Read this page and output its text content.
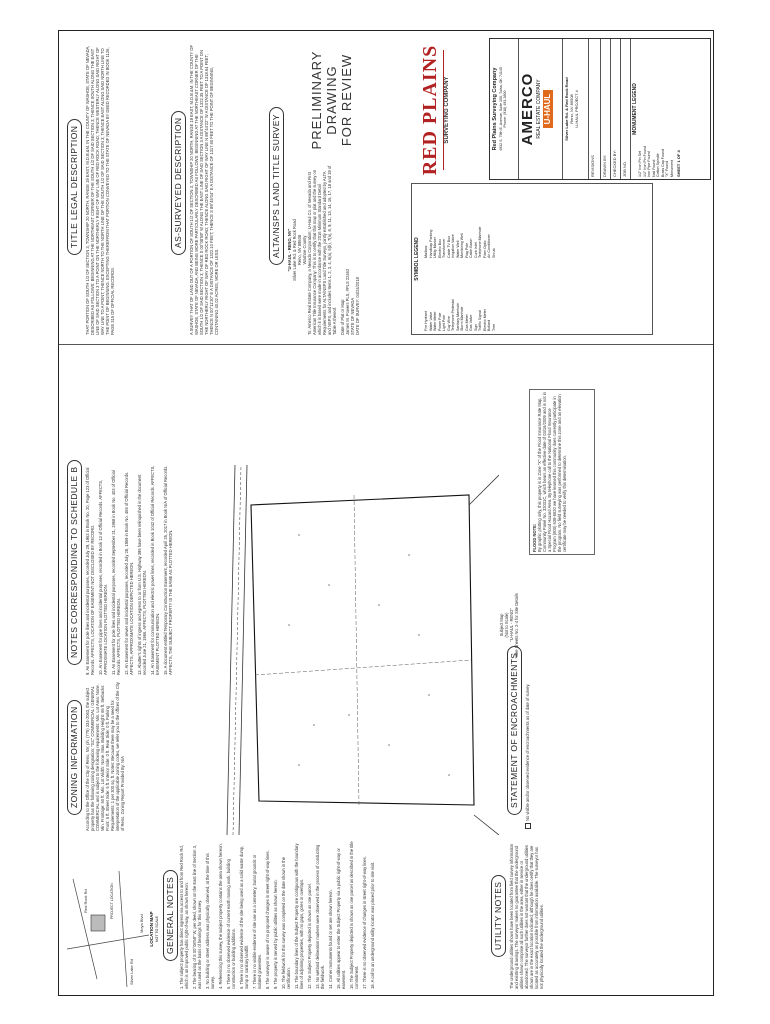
Red Rock Rd
Silver Lake Rd
Moya Blvd
PROJECT LOCATION
LOCATION MAP NOT TO SCALE GENERAL NOTES 1. The subject property has direct ingress via access to and from Red Rock Rd, which is an improved public right-of-way, as shown hereon. 2. The bearing of S 00°08'59" W, per deed, shown on the East line of Section 3, was used as the basis of bearings for this survey. 3. No building or street address was physically observed, at the time of this survey. 4. Referencing this survey, the subject property contains the area shown hereon. 5. There is no observed evidence of current earth moving work, building construction or building additions. 6. There is no observed evidence of the site being used as a solid waste dump, sump or sanitary landfill. 7. There is no visible evidence of site use as a cemetery, burial grounds or isolated gravesites. 8. The surveyor is aware of no proposed changes in street right-of-way lines. 9. The property is served by public utilities as shown hereon. 10. The fieldwork for this survey was completed on the date shown in the certification. 11. The boundary lines of the Subject Property are contiguous with the boundary lines of adjoining properties, with no gaps, gores or overlaps. 12. The Subject Property depicted is shown as one parcel. 13. No wetland delineation markers were observed in the process of conducting the fieldwork. 14. Corner monuments found or set are shown hereon. 15. All utilities appear to enter the Subject Property via a public right-of-way or easement. 16. The Subject Property depicted is shown as one parcel as described in the title commitment. 17. There is no observed evidence of changes in street right-of-way lines. 18. A call to an underground utility locator was placed prior to site visit.	UTILITY NOTES	The underground utilities shown have been located from field survey information and existing drawings. The surveyor makes no guarantee that the underground utilities shown comprise all such utilities in the area, either in service or abandoned. The surveyor further does not warrant that the underground utilities shown are in the exact location indicated, although he does certify that they are located as accurately as possible from information available. The surveyor has not physically located the underground utilities.
ZONING INFORMATION	According to the Office of the City of Reno, NV, ph. (775) 334-2063, the subject property has the following zoning designation: "GC" COMMERCIAL / GENERAL COMMERCIAL and is subject to the following requirements: Min. Lot Area: None. Min. Frontage: 50 ft. Min. Lot Width: None. Max. Building Height: 65 ft. Setbacks: Front: 5 ft. Street Side: 5 ft. Interior Side: 0 ft. Rear Side: 0 ft. Parking Requirements: 1 per 300 sq. ft. Notes: Because there may be a need for interpretation of the applicable zoning codes, we refer you to the offices of the City of Reno. Zoning Report Provided By: N/A	STATEMENT OF ENCROACHMENTS	No visible and/or observed evidence of encroachments as of date of survey.
Subject Map (Not to Scale) "U-HAUL - RENO" See Sheets No. 2-4 for Site Details
NOTES CORRESPONDING TO SCHEDULE B	9. An Easement for pole lines and incidental purposes, recorded July 29, 1963 in Book No. 20, Page 123 of Official Records. AFFECTS, LOCATION OF EASEMENT NOT DISCLOSED BY RECORD. 10. An Easement for pipe lines and incidental purposes, recorded in Book 13 of Official Records. AFFECTS, APPROXIMATE LOCATION PLOTTED HEREON. 11. An Easement for pole lines and incidental purposes, recorded September 21, 1968 in Book No. 403 of Official Records. AFFECTS, PLOTTED HEREON. 12. An Easement for sewer and incidental purposes, recorded July 28, 1959 in Book No. 465 of Official Records. AFFECTS, APPROXIMATE LOCATION DEPICTED HEREON. 13. Abutter's rights of ingress and egress to or from U.S. Highway 395 have been relinquished in the document recorded June 21, 1966. AFFECTS, PLOTTED HEREON. 14. An Easement for communication and electric power lines, recorded in Book 1042 of Official Records. AFFECTS, EASEMENT PLOTTED HEREON. 15. A document entitled Temporary Construction Easement, recorded April 25, 2017 in Book N/A of Official Records. AFFECTS, THE SUBJECT PROPERTY IS THE SAME AS PLOTTED HEREON.	FLOOD NOTE: By graphic plotting only, this property is in Zone "X" of the Flood Insurance Rate Map, Community Panel No. 32031C, which bears an effective date of 03/16/2009 and is not in a Special Flood Hazard Area. By telephone call to the National Flood Insurance Program (800) 638-6620 we have learned this community does currently participate in the program. No field surveying was performed to determine this zone and an elevation certificate may be needed to verify this determination.
TITLE LEGAL DESCRIPTION	THAT PORTION OF SOUTH 1/2 OF SECTION 3, TOWNSHIP 20 NORTH, RANGE 19 EAST, M.D.B.&M. IN THE COUNTY OF WASHOE, STATE OF NEVADA, DESCRIBED AS FOLLOWS: BEGINNING AT THE NORTHEAST CORNER OF THE SOUTH 1/2 OF SAID SECTION 3; THENCE SOUTH ALONG THE EAST LINE OF SAID SECTION 3 TO A POINT ON THE NORTHERLY RIGHT OF WAY LINE OF RED ROCK ROAD; THENCE WESTERLY ALONG SAID RIGHT OF WAY LINE TO A POINT; THENCE NORTH TO THE NORTH LINE OF THE SOUTH 1/2 OF SAID SECTION 3; THENCE EAST ALONG SAID NORTH LINE TO THE POINT OF BEGINNING. EXCEPTING THEREFROM THAT PORTION CONVEYED TO THE STATE OF NEVADA BY DEED RECORDED IN BOOK 1126, PAGE 315 OF OFFICIAL RECORDS.
AS-SURVEYED DESCRIPTION	A SURVEY THAT OF LAND OUT OF A PORTION OF SOUTH 1/2 OF SECTION 3, TOWNSHIP 20 NORTH, RANGE 19 EAST, M.D.B.&M. IN THE COUNTY OF WASHOE, STATE OF NEVADA, AND BEING MORE PARTICULARLY DESCRIBED AS FOLLOWS: BEGINNING AT THE NORTHEAST CORNER OF THE SOUTH 1/2 OF SAID SECTION 3; THENCE S 00°08'59" W ALONG THE EAST LINE OF SAID SECTION 3 A DISTANCE OF 1322.35 FEET TO A POINT ON THE NORTHERLY RIGHT OF WAY OF RED ROCK ROAD; THENCE ALONG SAID RIGHT OF WAY LINE N 89°44'22" W A DISTANCE OF 1318.64 FEET; THENCE N 00°11'30" E A DISTANCE OF 1322.10 FEET; THENCE S 89°45'04" E A DISTANCE OF 1317.60 FEET TO THE POINT OF BEGINNING, CONTAINING 40.02 ACRES, MORE OR LESS.
ALTA/NSPS LAND TITLE SURVEY	"U-HAUL - RENO, NV" Silver Lake Rd. & Red Rock Road Reno, NV 89508 Washoe County To: Amerco Real Estate Company, a Nevada Corporation; U-Haul Co. of Nevada and First American Title Insurance Company: This is to certify that this map or plat and the survey on which it is based were made in accordance with the 2016 Minimum Standard Detail Requirements for ALTA/NSPS Land Title Surveys, jointly established and adopted by ALTA and NSPS, and includes Items 1, 2, 3, 4, 6(a), 6(b), 7(a), 8, 9, 11, 13, 14, 16, 17, 18 and 19 of Table A thereof. Date of Plat or Map: James M. Powers PLS, #PLS 22462 STATE OF NEVADA DATE OF SURVEY: 04/24/2018
PRELIMINARY DRAWING FOR REVIEW
SYMBOL LEGEND
Fire Hydrant Water Valve Water Meter Power Pole Light Pole Guy Wire Telephone Pedestal Sanitary Manhole Storm Manhole Gas Meter Gas Valve Sign Traffic Signal Electric Meter Bollard Tree
Mailbox Handicap Parking Utility Marker Electric Box Transformer Cable TV Box Irrigation Valve Water Well Monitoring Well Flag Pole Catch Basin Curb Inlet Telephone Manhole Fiber Optic Air Conditioner Shrub
RED PLAINS SURVEYING COMPANY	Red Plains Surveying Company 4932 S. 79th E. Avenue, Suite 100, Tulsa, OK 74145 Phone: (918) 493-3800 AMERCO REAL ESTATE COMPANY U-HAUL	Silver Lake Rd. & Red Rock Road Reno, NV 89508 U-HAUL PROJECT #
REVISIONS	DRAWN BY:	CHECKED BY:	JOB NO.
MONUMENT LEGEND
1/2" Iron Pin Set 1/2" Iron Pin Found Iron Pipe Found Nail Found Cotton Spindle Brass Cap Found "X" Found Monument SHEET 1 OF 4
